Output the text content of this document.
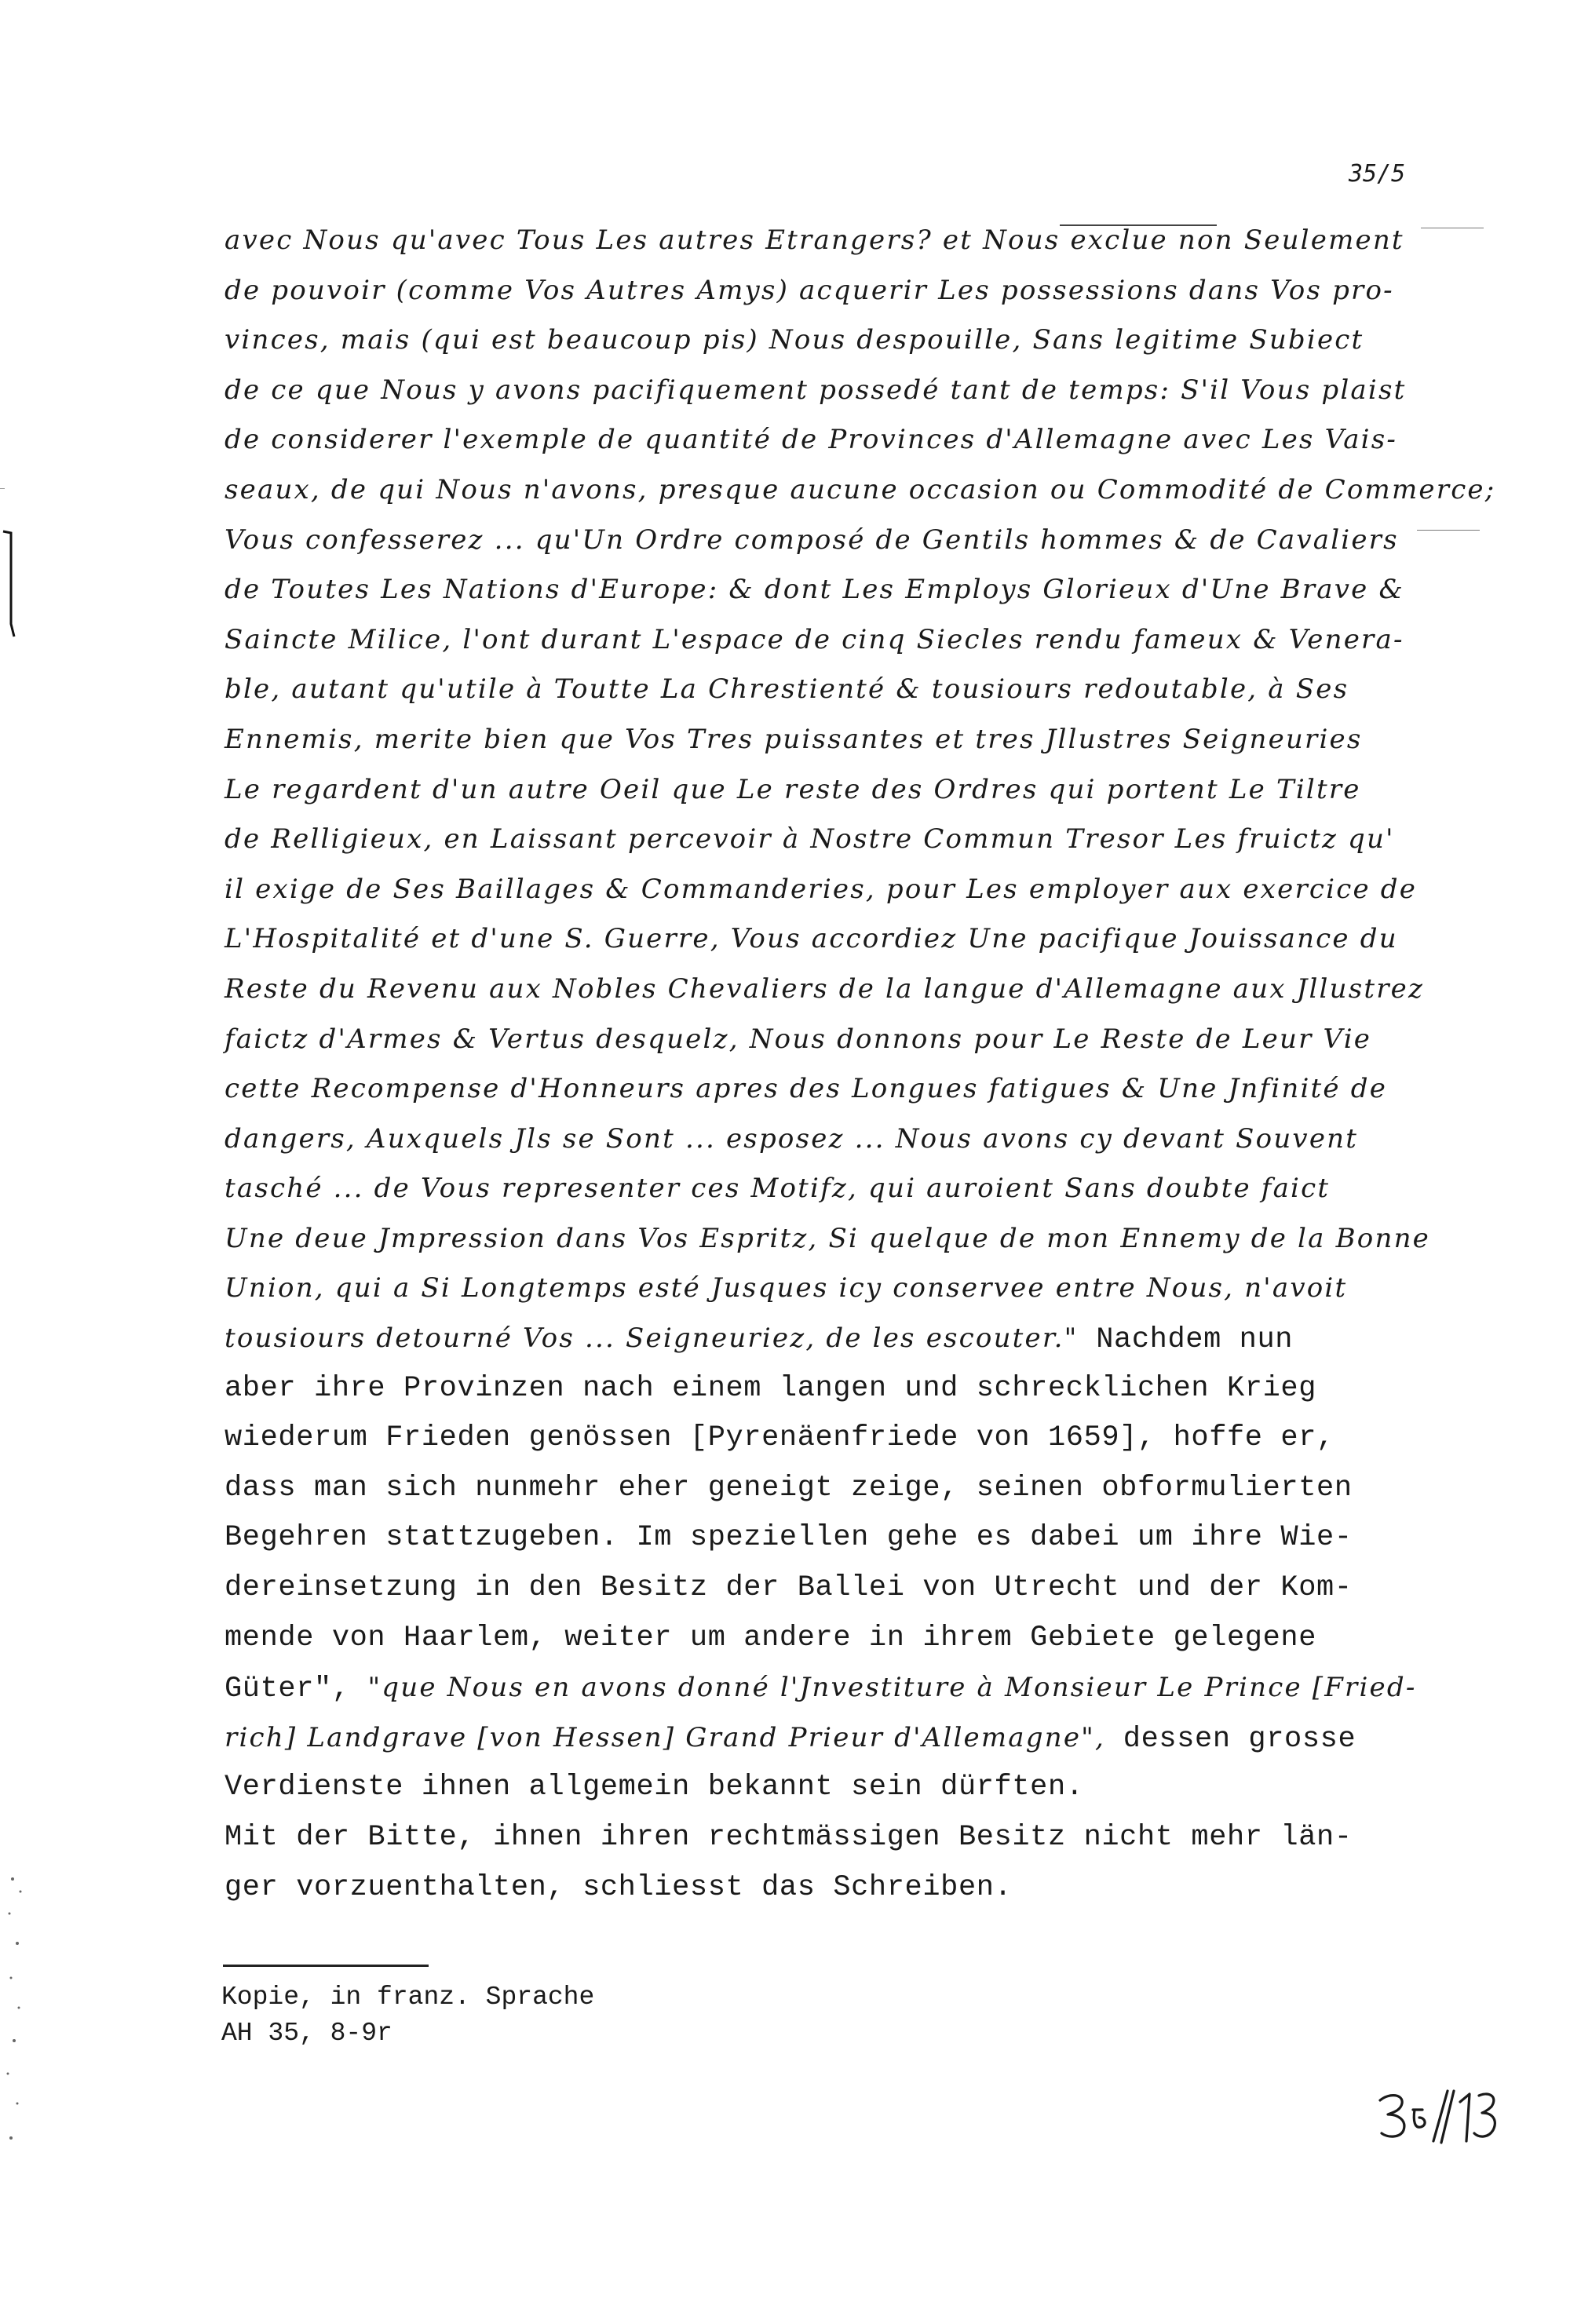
35/5
avec Nous qu'avec Tous Les autres Etrangers? et Nous exclue non Seulement
de pouvoir (comme Vos Autres Amys) acquerir Les possessions dans Vos pro-
vinces, mais (qui est beaucoup pis) Nous despouille, Sans legitime Subiect
de ce que Nous y avons pacifiquement possedé tant de temps: S'il Vous plaist
de considerer l'exemple de quantité de Provinces d'Allemagne avec Les Vais-
seaux, de qui Nous n'avons, presque aucune occasion ou Commodité de Commerce;
Vous confesserez ... qu'Un Ordre composé de Gentils hommes & de Cavaliers
de Toutes Les Nations d'Europe: & dont Les Employs Glorieux d'Une Brave &
Saincte Milice, l'ont durant L'espace de cinq Siecles rendu fameux & Venera-
ble, autant qu'utile à Toutte La Chrestienté & tousiours redoutable, à Ses
Ennemis, merite bien que Vos Tres puissantes et tres Jllustres Seigneuries
Le regardent d'un autre Oeil que Le reste des Ordres qui portent Le Tiltre
de Relligieux, en Laissant percevoir à Nostre Commun Tresor Les fruictz qu'
il exige de Ses Baillages & Commanderies, pour Les employer aux exercice de
L'Hospitalité et d'une S. Guerre, Vous accordiez Une pacifique Jouissance du
Reste du Revenu aux Nobles Chevaliers de la langue d'Allemagne aux Jllustrez
faictz d'Armes & Vertus desquelz, Nous donnons pour Le Reste de Leur Vie
cette Recompense d'Honneurs apres des Longues fatigues & Une Jnfinité de
dangers, Auxquels Jls se Sont ... esposez ... Nous avons cy devant Souvent
tasché ... de Vous representer ces Motifz, qui auroient Sans doubte faict
Une deue Jmpression dans Vos Espritz, Si quelque de mon Ennemy de la Bonne
Union, qui a Si Longtemps esté Jusques icy conservee entre Nous, n'avoit
tousiours detourné Vos ... Seigneuriez, de les escouter." Nachdem nun
aber ihre Provinzen nach einem langen und schrecklichen Krieg
wiederum Frieden genössen [Pyrenäenfriede von 1659], hoffe er,
dass man sich nunmehr eher geneigt zeige, seinen obformulierten
Begehren stattzugeben. Im speziellen gehe es dabei um ihre Wie-
dereinsetzung in den Besitz der Ballei von Utrecht und der Kom-
mende von Haarlem, weiter um andere in ihrem Gebiete gelegene
Güter", "que Nous en avons donné l'Jnvestiture à Monsieur Le Prince [Fried-
rich] Landgrave [von Hessen] Grand Prieur d'Allemagne", dessen grosse
Verdienste ihnen allgemein bekannt sein dürften.
Mit der Bitte, ihnen ihren rechtmässigen Besitz nicht mehr län-
ger vorzuenthalten, schliesst das Schreiben.
Kopie, in franz. Sprache
AH 35, 8-9r
